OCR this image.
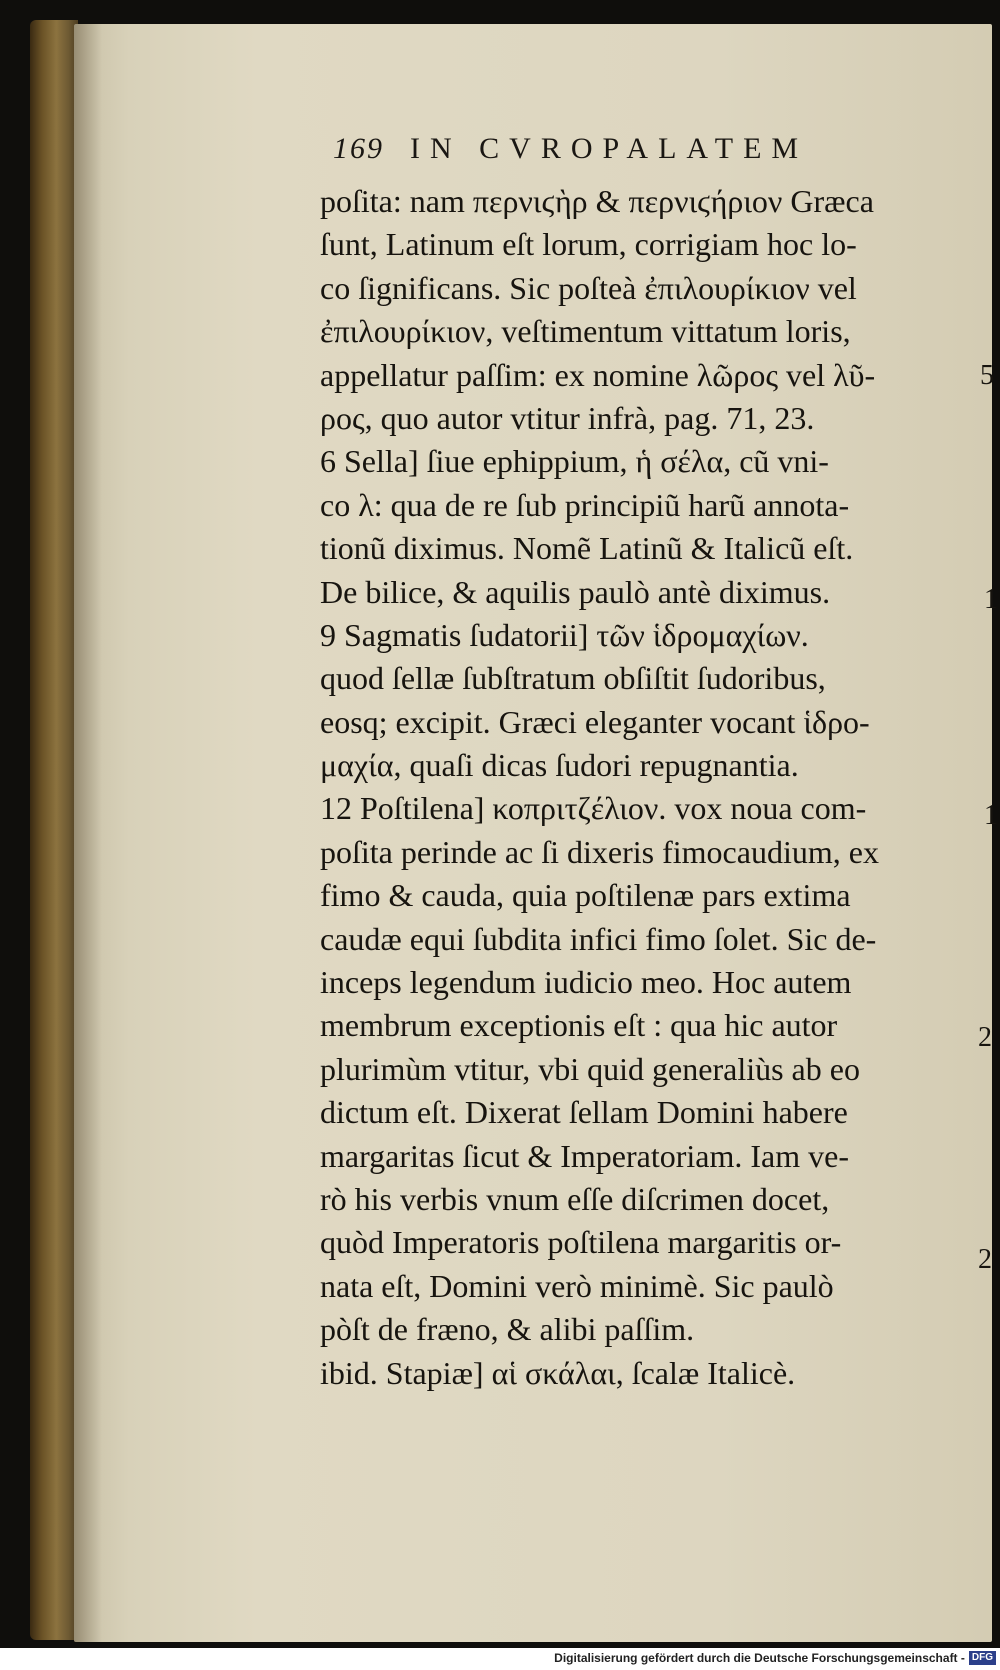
169 IN CVROPALATEM
poſita: nam περνιϛὴρ & περνιϛήριον Græca
ſunt, Latinum eſt lorum, corrigiam hoc lo-
co ſignificans. Sic poſteà ἐπιλουρίκιον vel
ἐπιλουρίκιον, veſtimentum vittatum loris,
appellatur paſſim: ex nomine λῶρος vel λῦ-
ρος, quo autor vtitur infrà, pag. 71, 23.
6 Sella] ſiue ephippium, ἡ σέλα, cũ vni-
co λ: qua de re ſub principiũ harũ annota-
tionũ diximus. Nomẽ Latinũ & Italicũ eſt.
De bilice, & aquilis paulò antè diximus.
9 Sagmatis ſudatorii] τῶν ἱδρομαχίων.
quod ſellæ ſubſtratum obſiſtit ſudoribus,
eosq; excipit. Græci eleganter vocant ἱδρο-
μαχία, quaſi dicas ſudori repugnantia.
12 Poſtilena] κοπριτζέλιον. vox noua com-
poſita perinde ac ſi dixeris fimocaudium, ex
fimo & cauda, quia poſtilenæ pars extima
caudæ equi ſubdita infici fimo ſolet. Sic de-
inceps legendum iudicio meo. Hoc autem
membrum exceptionis eſt : qua hic autor
plurimùm vtitur, vbi quid generaliùs ab eo
dictum eſt. Dixerat ſellam Domini habere
margaritas ſicut & Imperatoriam. Iam ve-
rò his verbis vnum eſſe diſcrimen docet,
quòd Imperatoris poſtilena margaritis or-
nata eſt, Domini verò minimè. Sic paulò
pòſt de fræno, & alibi paſſim.
ibid. Stapiæ] αἱ σκάλαι, ſcalæ Italicè.
5
1
1
2
2
Digitalisierung gefördert durch die Deutsche Forschungsgemeinschaft - DFG
